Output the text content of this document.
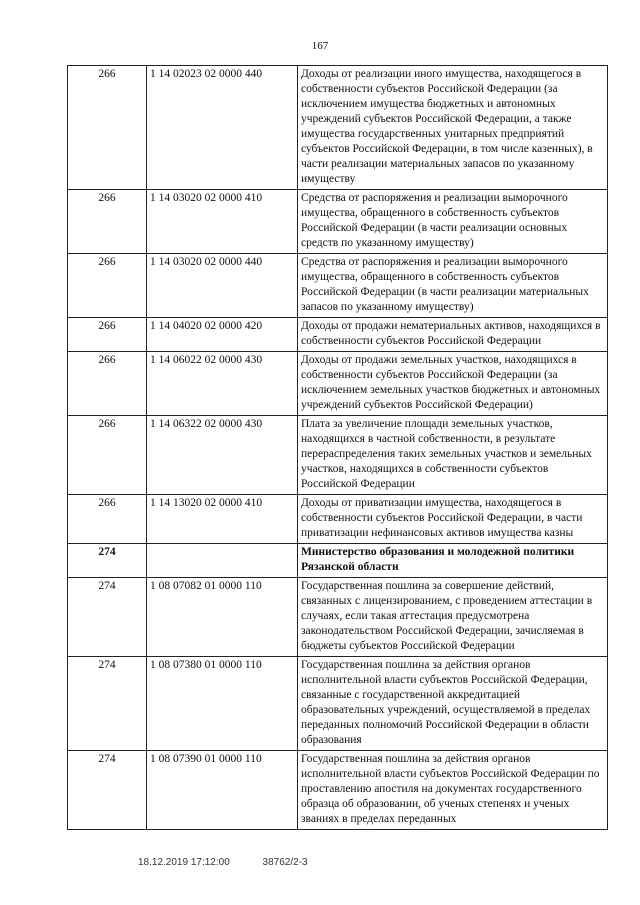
167
266	1 14 02023 02 0000 440	Доходы от реализации иного имущества, находящегося в собственности субъектов Российской Федерации (за исключением имущества бюджетных и автономных учреждений субъектов Российской Федерации, а также имущества государственных унитарных предприятий субъектов Российской Федерации, в том числе казенных), в части реализации материальных запасов по указанному имуществу
266	1 14 03020 02 0000 410	Средства от распоряжения и реализации выморочного имущества, обращенного в собственность субъектов Российской Федерации (в части реализации основных средств по указанному имуществу)
266	1 14 03020 02 0000 440	Средства от распоряжения и реализации выморочного имущества, обращенного в собственность субъектов Российской Федерации (в части реализации материальных запасов по указанному имуществу)
266	1 14 04020 02 0000 420	Доходы от продажи нематериальных активов, находящихся в собственности субъектов Российской Федерации
266	1 14 06022 02 0000 430	Доходы от продажи земельных участков, находящихся в собственности субъектов Российской Федерации (за исключением земельных участков бюджетных и автономных учреждений субъектов Российской Федерации)
266	1 14 06322 02 0000 430	Плата за увеличение площади земельных участков, находящихся в частной собственности, в результате перераспределения таких земельных участков и земельных участков, находящихся в собственности субъектов Российской Федерации
266	1 14 13020 02 0000 410	Доходы от приватизации имущества, находящегося в собственности субъектов Российской Федерации, в части приватизации нефинансовых активов имущества казны
274		Министерство образования и молодежной политики Рязанской области
274	1 08 07082 01 0000 110	Государственная пошлина за совершение действий, связанных с лицензированием, с проведением аттестации в случаях, если такая аттестация предусмотрена законодательством Российской Федерации, зачисляемая в бюджеты субъектов Российской Федерации
274	1 08 07380 01 0000 110	Государственная пошлина за действия органов исполнительной власти субъектов Российской Федерации, связанные с государственной аккредитацией образовательных учреждений, осуществляемой в пределах переданных полномочий Российской Федерации в области образования
274	1 08 07390 01 0000 110	Государственная пошлина за действия органов исполнительной власти субъектов Российской Федерации по проставлению апостиля на документах государственного образца об образовании, об ученых степенях и ученых званиях в пределах переданных
18.12.2019 17:12:00	38762/2-3
